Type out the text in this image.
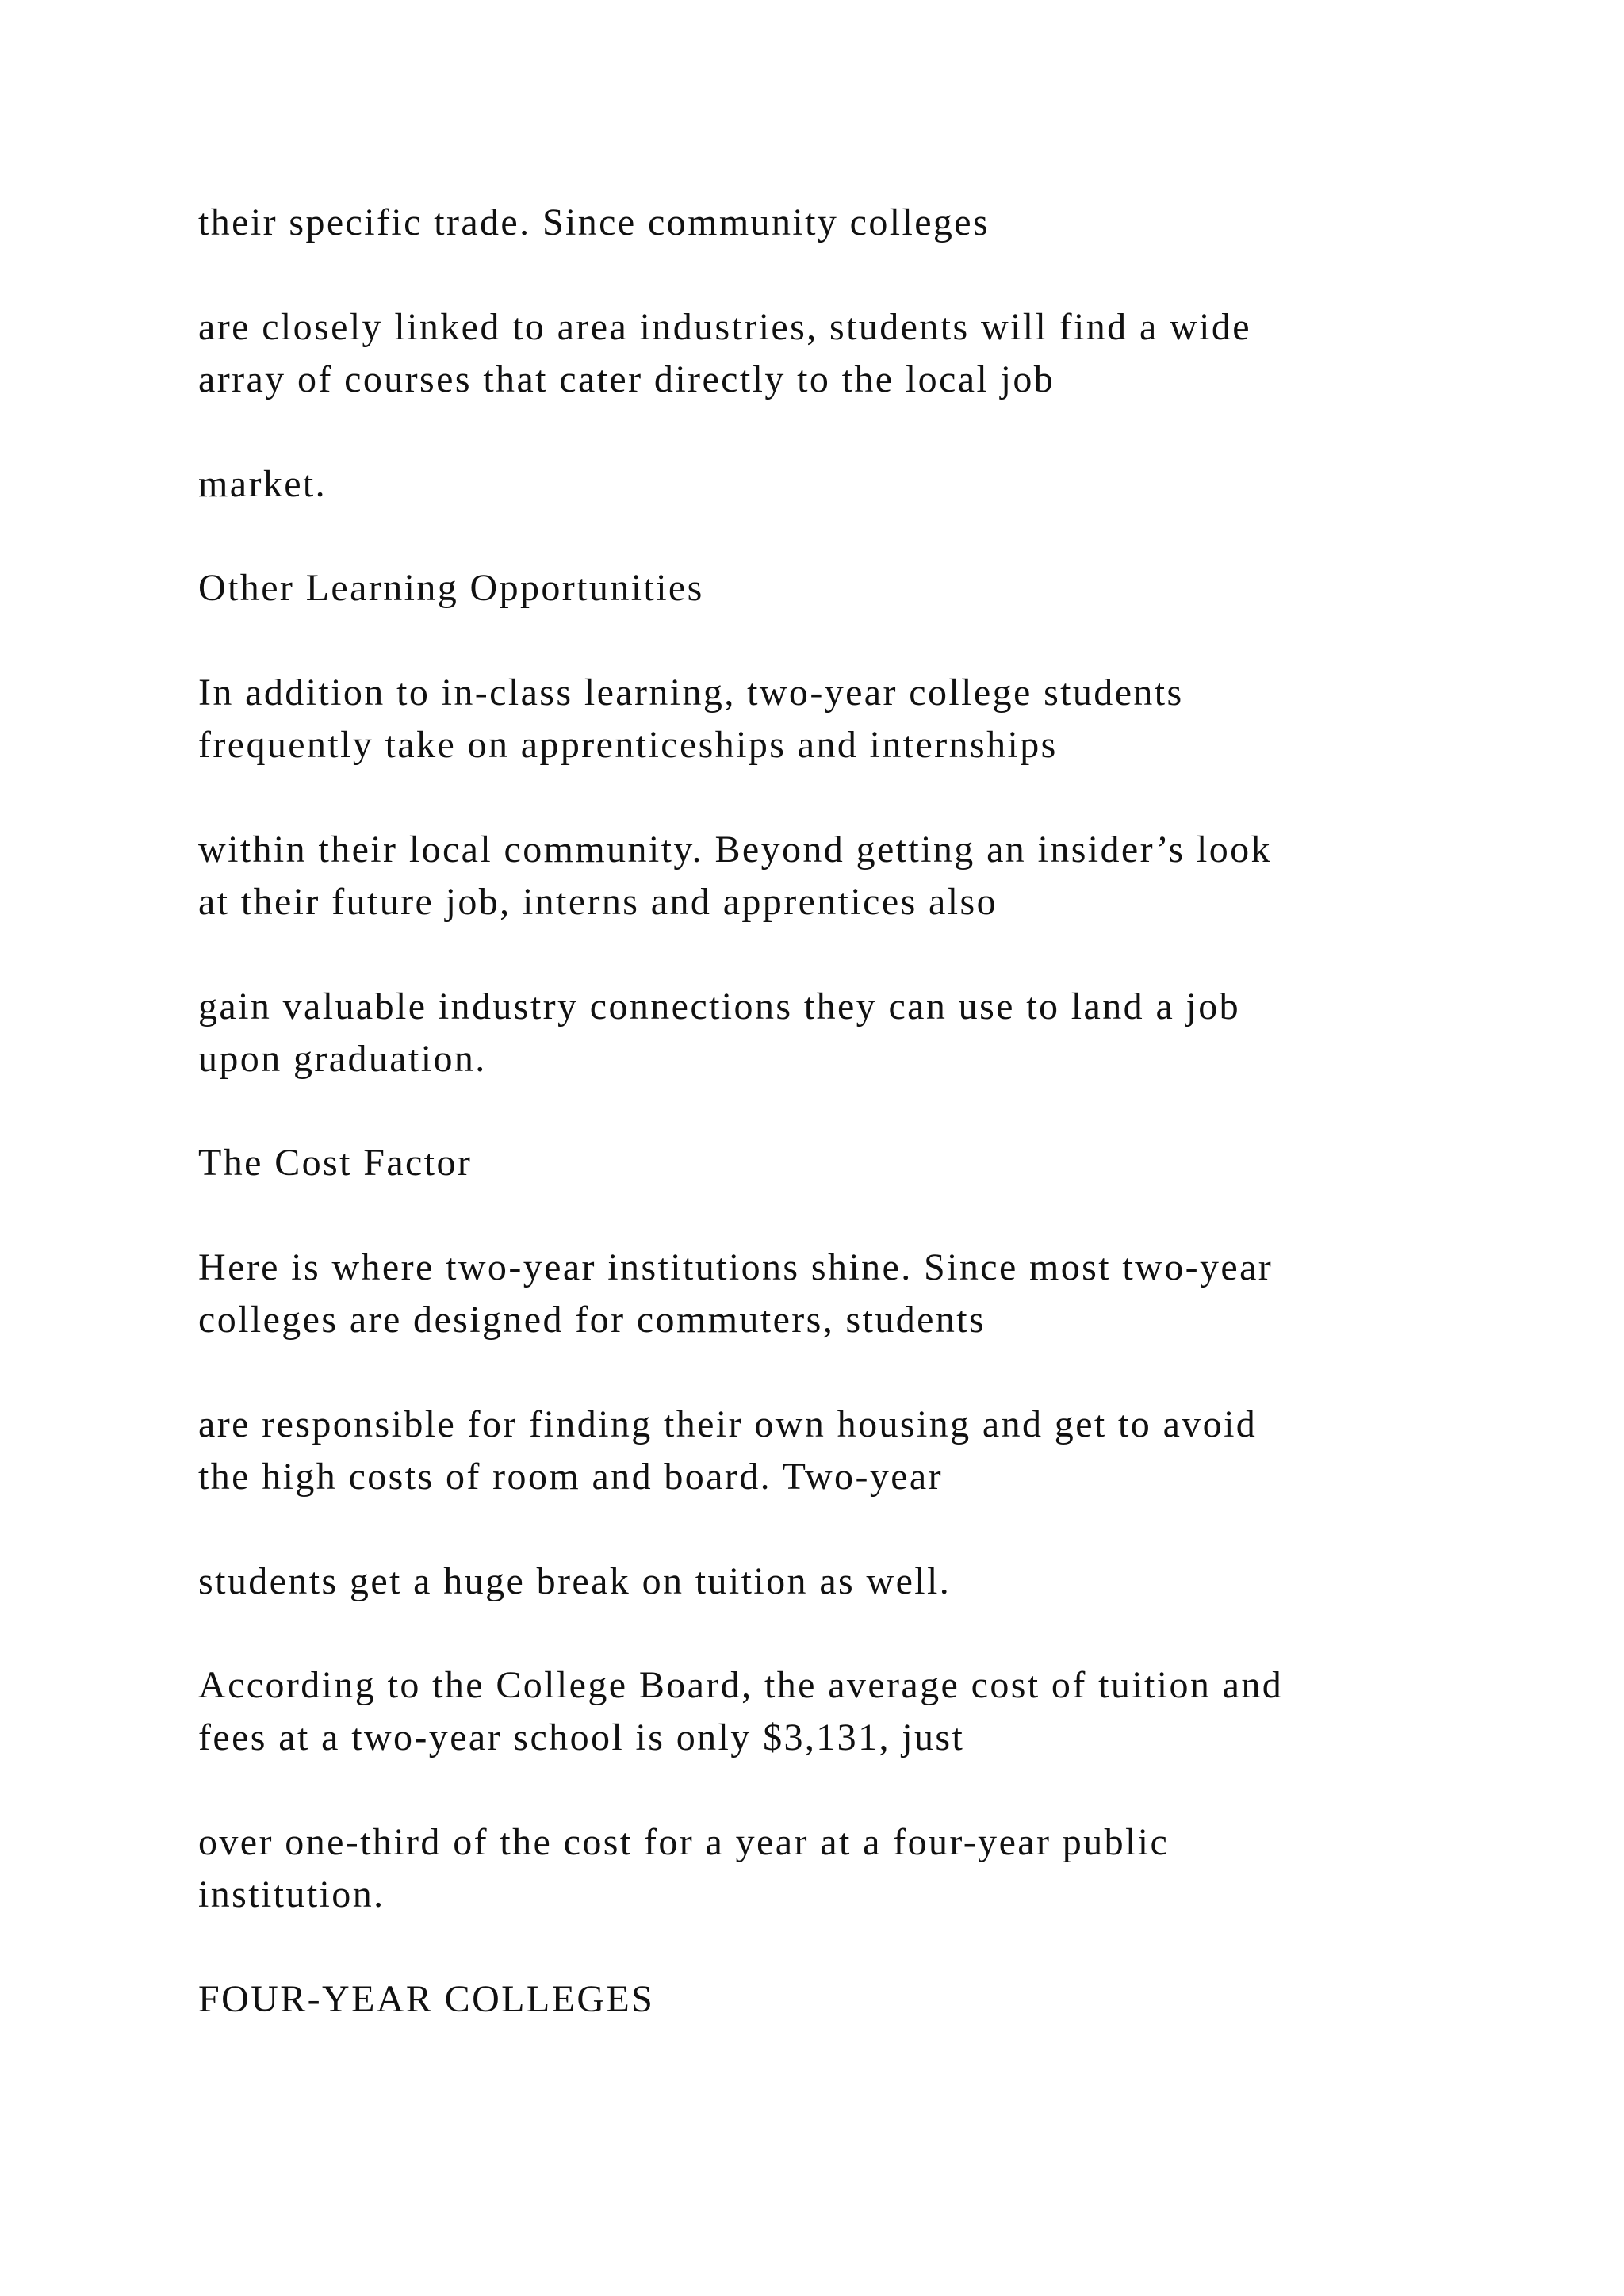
their specific trade. Since community colleges

are closely linked to area industries, students will find a wide

array of courses that cater directly to the local job

market.

Other Learning Opportunities

In addition to in-class learning, two-year college students

frequently take on apprenticeships and internships

within their local community. Beyond getting an insider’s look

at their future job, interns and apprentices also

gain valuable industry connections they can use to land a job

upon graduation.

The Cost Factor

Here is where two-year institutions shine. Since most two-year

colleges are designed for commuters, students

are responsible for finding their own housing and get to avoid

the high costs of room and board. Two-year

students get a huge break on tuition as well.

According to the College Board, the average cost of tuition and

fees at a two-year school is only $3,131, just

over one-third of the cost for a year at a four-year public

institution.

FOUR-YEAR COLLEGES
